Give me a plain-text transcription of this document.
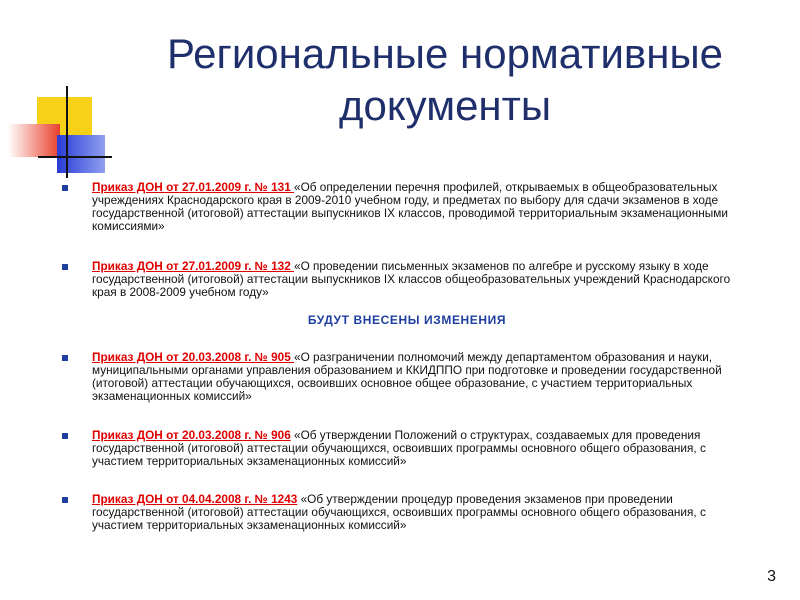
Региональные нормативные
документы
Приказ ДОН от 27.01.2009 г. № 131 «Об определении перечня профилей, открываемых в общеобразовательных учреждениях Краснодарского края в 2009-2010 учебном году, и предметах по выбору для сдачи экзаменов в ходе государственной (итоговой) аттестации выпускников IX классов, проводимой территориальным экзаменационными комиссиями»
Приказ ДОН от 27.01.2009 г. № 132 «О проведении письменных экзаменов по алгебре и русскому языку в ходе государственной (итоговой) аттестации выпускников IX классов общеобразовательных учреждений Краснодарского края в 2008-2009 учебном году»
БУДУТ ВНЕСЕНЫ ИЗМЕНЕНИЯ
Приказ ДОН от 20.03.2008 г. № 905 «О разграничении полномочий между департаментом образования и науки, муниципальными органами управления образованием и ККИДППО при подготовке и проведении государственной (итоговой) аттестации обучающихся, освоивших основное общее образование, с участием территориальных экзаменационных комиссий»
Приказ ДОН от 20.03.2008 г. № 906 «Об утверждении Положений о структурах, создаваемых для проведения государственной (итоговой) аттестации обучающихся, освоивших программы основного общего образования, с участием территориальных экзаменационных комиссий»
Приказ ДОН от 04.04.2008 г. № 1243 «Об утверждении процедур проведения экзаменов при проведении государственной (итоговой) аттестации обучающихся, освоивших программы основного общего образования, с участием территориальных экзаменационных комиссий»
3
